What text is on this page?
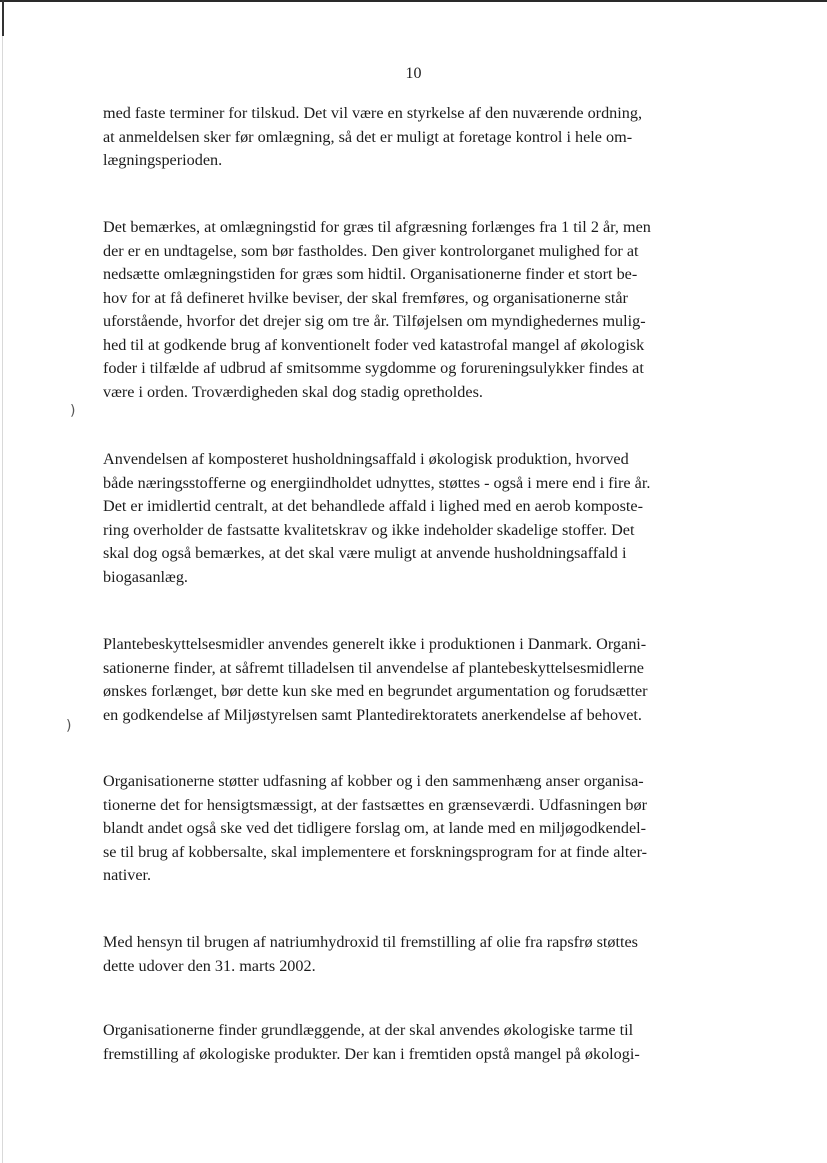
10
)
)
med faste terminer for tilskud. Det vil være en styrkelse af den nuværende ordning,
at anmeldelsen sker før omlægning, så det er muligt at foretage kontrol i hele om-
lægningsperioden.
Det bemærkes, at omlægningstid for græs til afgræsning forlænges fra 1 til 2 år, men
der er en undtagelse, som bør fastholdes. Den giver kontrolorganet mulighed for at
nedsætte omlægningstiden for græs som hidtil. Organisationerne finder et stort be-
hov for at få defineret hvilke beviser, der skal fremføres, og organisationerne står
uforstående, hvorfor det drejer sig om tre år. Tilføjelsen om myndighedernes mulig-
hed til at godkende brug af konventionelt foder ved katastrofal mangel af økologisk
foder i tilfælde af udbrud af smitsomme sygdomme og forureningsulykker findes at
være i orden. Troværdigheden skal dog stadig opretholdes.
Anvendelsen af komposteret husholdningsaffald i økologisk produktion, hvorved
både næringsstofferne og energiindholdet udnyttes, støttes - også i mere end i fire år.
Det er imidlertid centralt, at det behandlede affald i lighed med en aerob komposte-
ring overholder de fastsatte kvalitetskrav og ikke indeholder skadelige stoffer. Det
skal dog også bemærkes, at det skal være muligt at anvende husholdningsaffald i
biogasanlæg.
Plantebeskyttelsesmidler anvendes generelt ikke i produktionen i Danmark. Organi-
sationerne finder, at såfremt tilladelsen til anvendelse af plantebeskyttelsesmidlerne
ønskes forlænget, bør dette kun ske med en begrundet argumentation og forudsætter
en godkendelse af Miljøstyrelsen samt Plantedirektoratets anerkendelse af behovet.
Organisationerne støtter udfasning af kobber og i den sammenhæng anser organisa-
tionerne det for hensigtsmæssigt, at der fastsættes en grænseværdi. Udfasningen bør
blandt andet også ske ved det tidligere forslag om, at lande med en miljøgodkendel-
se til brug af kobbersalte, skal implementere et forskningsprogram for at finde alter-
nativer.
Med hensyn til brugen af natriumhydroxid til fremstilling af olie fra rapsfrø støttes
dette udover den 31. marts 2002.
Organisationerne finder grundlæggende, at der skal anvendes økologiske tarme til
fremstilling af økologiske produkter. Der kan i fremtiden opstå mangel på økologi-
